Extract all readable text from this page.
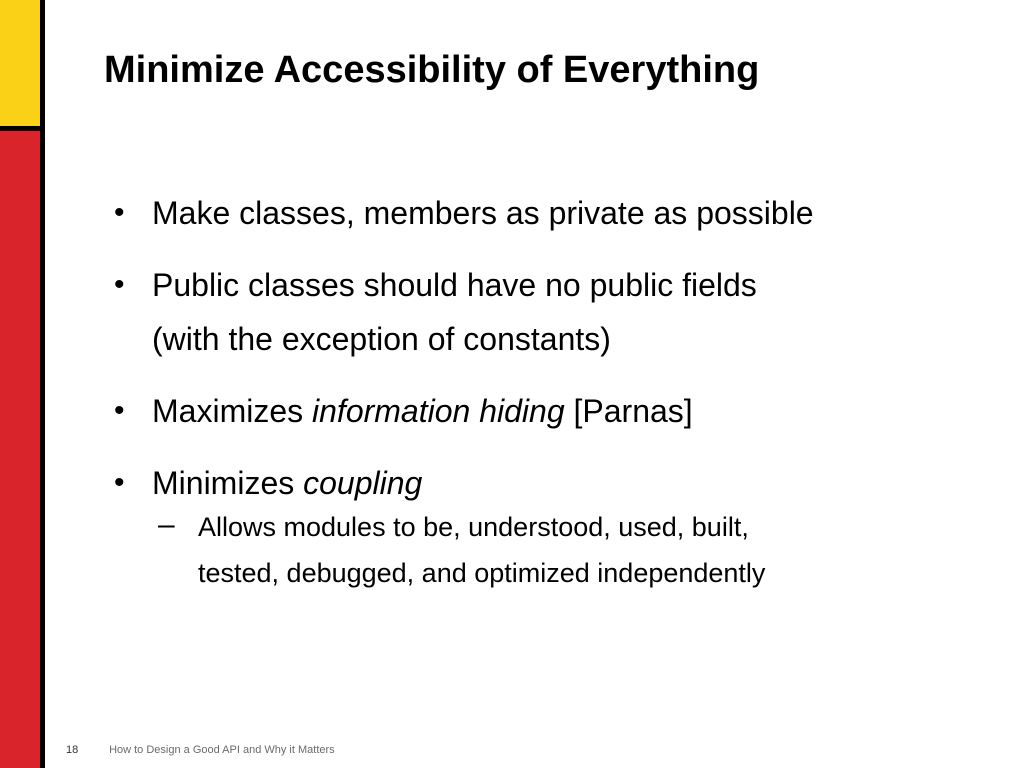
Minimize Accessibility of Everything
• Make classes, members as private as possible
• Public classes should have no public fields
(with the exception of constants)
• Maximizes information hiding [Parnas]
• Minimizes coupling
– Allows modules to be, understood, used, built,
tested, debugged, and optimized independently
18	How to Design a Good API and Why it Matters
